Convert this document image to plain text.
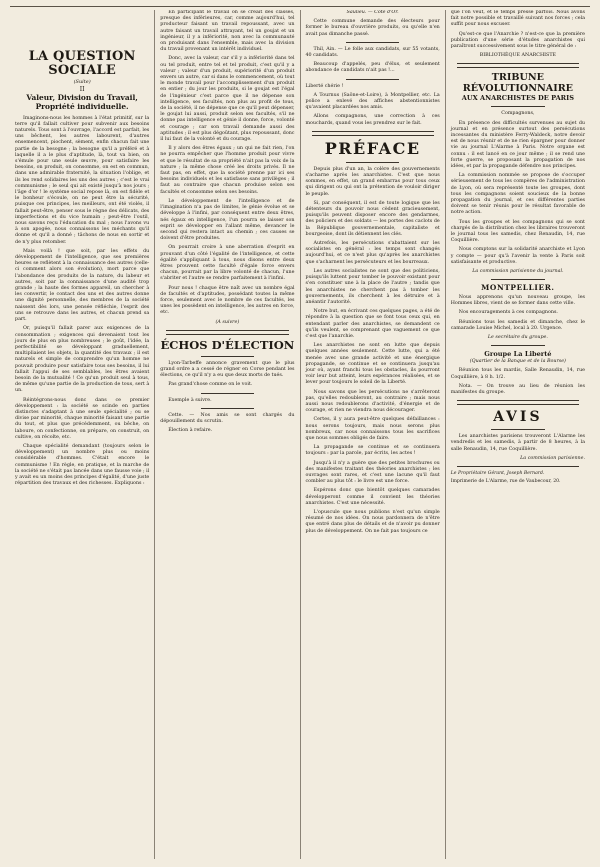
LA QUESTION SOCIALE
(Suite)
II
Valeur, Division du Travail, Propriété individuelle.

Imaginons-nous les hommes à l'état primitif, sur la terre qu'il fallait cultiver pour subvenir aux besoins naturels. Tous sont à l'ouvrage, l'accord est parfait, les uns bêchent, les autres labourent, d'autres ensemencent, piochent, sèment, enfin chacun fait une partie de la besogne ; la besogne qu'il a préféré et à laquelle il a le plus d'aptitude, là, tout va bien, on s'émule pour une seule œuvre, pour satisfaire les besoins, on produit, on consomme, on est en commun, dans une admirable fraternité, la situation l'oblige, et ils les rend solidaires les uns des autres ; c'est le vrai communisme ; le seul qui ait existé jusqu'à nos jours ; l'âge d'or ! le système social repose là, on est fidèle et le bonheur s'écoule, on ne peut être la sécurité, puisque ces principes, les meilleurs, ont été violés, il fallait peut-être, penser sous le règne des délicats, des imperfections et du vice humain ; peut-être l'outil, nous savons reçu l'éducation du mal ; nous l'avons vu à son apogée, nous connaissons les méchants qu'il donne et qu'il a donné ; tâchons de nous en sortir et de n'y plus retomber.

Mais voilà ! que soit, par les effets du développement de l'intelligence, que ses premières heures se reflètent à la connaissance des autres (celle-ci comment alors son évolution), mort parce que l'abondance des produits de la nature, du labeur et autres, soit par la connaissance d'une audité trop grande ; la haute des formes appareil, un chercher à les convertir, le contact des uns et des autres donne une dignité personnelle, des membres de la société naissent dès lors, une pensée réfléchie, l'esprit des uns se retrouve dans les autres, et chacun prend sa part.

Or, puisqu'il fallait parer aux exigences de la consommation ; exigences qui devenaient tout les jours de plus en plus nombreuses ; le goût, l'idée, la perfectibilité se développant graduellement, multipliaient les objets, la quantité des travaux ; il est naturels et simple de comprendre qu'un homme ne pouvait produire pour satisfaire tous ses besoins, il lui fallait l'appui de ses semblables, les êtres avaient besoin de la mutualité ! Ce qu'un produit seul à tous, de même qu'une partie de la production de tous, sert à un.

Réintégrons-nous donc dans ce premier développement : la société se scinde en parties distinctes s'adaptant à une seule spécialité ; ou se divise par minorité, chaque minorité faisant une partie du tout, et plus que précédemment, ou bêche, on laboure, on confectionne, on prépare, on construit, on cultive, on récolte, etc.

Chaque spécialité demandant (toujours selon le développement) un nombre plus ou moins considérable d'hommes. C'était encore le communisme ! En règle, en pratique, et la marche de la société ne s'était pas lancée dans une fausse voie ; il y avait eu un moins des principes d'égalité, d'une juste répartition des travaux et des richesses. Expliquons :

En participant le travail on se créait des classes, presque des inférieures, car, comme aujourd'hui, tel producteur faisant un travail repoussant, avec un autre faisant un travail attrayant, tel un goujat et un ingénieur, il y a infériorité, non avec la communauté on produisant dans l'ensemble, mais avec la division du travail provenant un intérêt individuel.

Donc, avec la valeur, car s'il y a infériorité dans tel ou tel produit, entre tel et tel produit, c'est qu'il y a valeur ; valeur d'un produit, supériorité d'un produit envers un autre, car si dans le commencement, où tout le monde travail pour l'accomplissement d'un produit en entier ; du jour les produits, si le goujat est l'égal de l'ingénieur c'est parce que il ne dépense son intelligence, ses facultés, non plus au profit de tous, de la société, il ne dépense que ce qu'il peut dépenser, le goujat lui aussi, produit selon ses facultés, s'il ne donne pas intelligence et génie il donne, force, volonté et courage ; car son travail demande aussi des aptitudes ; il est plus dégoûtant, plus repoussant, donc il lui faut de la volonté et du courage.

Il y alors des êtres égaux ; un qui ne fait rien, l'on ne pourra empêcher que l'homme produit pour vivre et que le résultat de sa propriété n'ait pas la voix de la nature ; la même chose créé les droits privés. Il ne faut pas, en effet, que la société prenne par ici ses besoins individuels et les satisfasse sans privilèges ; il faut au contraire que chacun produise selon ses facultés et consomme selon ses besoins.

Le développement de l'intelligence et de l'imagination n'a pas de limites, le génie évolue et se développe à l'infini, par conséquent entre deux êtres, nés égaux en intelligence, l'un pourra se laisser son esprit se développer en l'allant même, devancer le second qui restera intact au chemin ; ces causes se doivent d'être produites.

On pourrait croire à une aberration d'esprit en prouvant d'un côté l'égalité de l'intelligence, et cette égalité s'appliquant à tous, nous disons entre deux êtres prouvent cette faculté d'égale force envers chacun, pourrait par la libre volonté de chacun, l'une s'abriter et l'autre se rendre parfaitement à l'infini.

Pour nous ! chaque être naît avec un nombre égal de facultés et d'aptitudes, possédant toutes la même force, seulement avec le nombre de ces facultés, les unes les possèdent en intelligence, les autres en force, etc.

(A suivre)

ÉCHOS D'ÉLECTION

Lyon-Tarbeffe annonce gravement que le plus grand ordre a a cessé de régner en Corse pendant les élections, ce qu'il n'y a eu que deux morts de tués.

Pas grand'chose comme on le voit.

Exemple à suivre.

Cette. — Nos amis se sont chargés du dépouillement du scrutin.

Élection à refaire.

Saulieu. — Côte d'Or.

Cette commune demande des électeurs pour former le bureau d'ouvrière produits, ou qu'elle n'en avait pas dimanche passé.

Thil, Ain. — Le folle aux candidats, sur 55 votants, 40 candidats.

Beaucoup d'appelés, peu d'élus, et seulement abondance de candidats n'ait pas !...

Liberté chérie !

A Tournus (Saône-et-Loire), à Montpellier, etc. La police a enlevé des affiches abstentionnistes qu'avaient placardées nos amis.

Allons compagnons, une correction à ces mouchards, quand vous les prendrez sur le fait.

PRÉFACE

Depuis plus d'un an, la colère des gouvernements s'acharne après les anarchistes. C'est que nous sommes, en effet, un grand embarras pour tous ceux qui dirigent ou qui ont la prétention de vouloir diriger le peuple.

Si, par conséquent, il est de toute logique que les détenteurs du pouvoir nous cèdent gracieusement, puisqu'ils peuvent disposer encore des gendarmes, des policiers et des soldats — les portes des caclots de la République gouvernementale, capitaliste et bourgeoise, dont ils détiennent les clés.

Autrefois, les persécutions s'abattaient sur les socialistes en général : les temps sont changés aujourd'hui, et ce n'est plus qu'après les anarchistes que s'acharnent les persécuteurs et les bourreaux.

Les autres socialistes ne sont que des politiciens, puisqu'ils luttent pour tomber le pouvoir existant pour s'en constituer une à la place de l'autre ; tandis que les anarchistes ne cherchent pas à tomber les gouvernements, ils cherchent à les détruire et à anéantir l'autorité.

Notre but, en écrivant ces quelques pages, a été de répondre à la question que se font tous ceux qui, en entendant parler des anarchistes, se demandent ce qu'ils veulent, se comprenant que vaguement ce que c'est que l'anarchie.

Les anarchistes ne sont en lutte que depuis quelques années seulement. Cette lutte, qui a été menée avec une grande activité et une énergique propagande, se continue et se continuera jusqu'au jour où, ayant franchi tous les obstacles, ils pourront voir leur but atteint, leurs espérances réalisées, et se lever pour toujours le soleil de la Liberté.

Nous savons que les persécutions ne s'arrêteront pas, qu'elles redoubleront, au contraire ; mais nous aussi nous redoublerons d'activité, d'énergie et de courage, et rien ne viendra nous décourager.

Certes, il y aura peut-être quelques défaillances : nous serons toujours, mais nous serons plus nombreux, car nous connaissons tous les sacrifices que nous sommes obligés de faire.

La propagande se continue et se continuera toujours : par la parole, par écrits, les actes !

Jusqu'à il n'y a guère que des petites brochures ou des manifestes traitant des théories anarchistes ; les ouvrages sont rares, et c'est une lacune qu'il faut combler au plus tôt : le livre est une force.

Espérons donc que bientôt quelques camarades développeront comme il convient les théories anarchistes. C'est une nécessité.

L'opuscule que nous publions n'est qu'un simple résumé de nos idées. On nous pardonnera de n'être que entré dans plus de détails et de n'avoir pu donner plus de développement. On ne fait pas toujours ce

que l'on veut, et le temps presse parfois. Nous avons fait notre possible et travaillé suivant nos forces ; cela suffit pour nous excuser.

Qu'est-ce que l'Anarchie ? n'est-ce que la première publication d'une série d'études anarchistes qui paraîtront successivement sous le titre général de :

BIBLIOTHÈQUE ANARCHISTE

TRIBUNE RÉVOLUTIONNAIRE
AUX ANARCHISTES DE PARIS

Compagnons,

En présence des difficultés survenues au sujet du journal et en présence surtout des persécutions incessantes du ministère Ferry-Waldeck, notre devoir est de nous réunir et de ne rien épargner pour donner vie au journal L'Alarme à Paris. Notre organe est connu : il est lancé en ce jour même ; il se rend une forte guerre, se proposant la propagation de nos idées, et par la propagande défendre nos principes.

La commission nommée se propose de s'occuper sérieusement de tous les compères de l'administration de Lyon, où sera représenté toute les groupes, dont tous les compagnons soient soucieux de la bonne propagation du journal, et ces différentes parties doivent se tenir réunis pour le résultat favorable de notre action.

Tous les groupes et les compagnons qui se sont chargés de la distribution chez les libraires trouveront le journal tous les samedis, chez Renaudin, 14, rue Coquillière.

Nous comptons sur la solidarité anarchiste et Lyon y compte — pour qu'à l'avenir la vente à Paris soit satisfaisante et productive.

La commission parisienne du journal.

MONTPELLIER.

Nous apprenons qu'un nouveau groupe, les Hommes libres, vient de se former dans cette ville.

Nos encouragements à ces compagnons.

Réunions tous les samedis et dimanche, chez le camarade Louise Michel, local à 20. Urgence.

Le secrétaire du groupe.

Groupe La Liberté

(Quartier de la Banque et de la Bourse)

Réunion tous les mardis, Salle Renaudin, 14, rue Coquillière, à 8 h. 1/2.

Nota. — On trouve au lieu de réunion les manifestes du groupe.

AVIS

Les anarchistes parisiens trouveront L'Alarme les vendredis et les samedis, à partir de 8 heures, à la salle Renaudin, 14, rue Coquillière.

La commission parisienne.

Le Propriétaire Gérant, Joseph Bernard.

Imprimerie de L'Alarme, rue de Vaubecour, 20.
